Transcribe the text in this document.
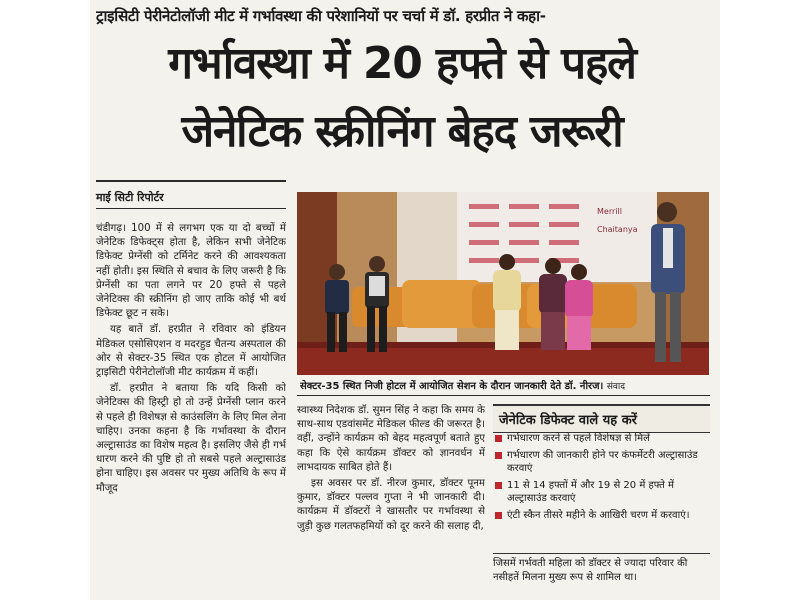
ट्राइसिटी पेरीनेटोलॉजी मीट में गर्भावस्था की परेशानियों पर चर्चा में डॉ. हरप्रीत ने कहा-
गर्भावस्था में 20 हफ्ते से पहले
जेनेटिक स्क्रीनिंग बेहद जरूरी
माई सिटी रिपोर्टर

चंडीगढ़। 100 में से लगभग एक या दो बच्चों में जेनेटिक डिफेक्ट्स होता है, लेकिन सभी जेनेटिक डिफेक्ट प्रेग्नेंसी को टर्मिनेट करने की आवश्यकता नहीं होती। इस स्थिति से बचाव के लिए जरूरी है कि प्रेग्नेंसी का पता लगने पर 20 हफ्ते से पहले जेनेटिक्स की स्क्रीनिंग हो जाए ताकि कोई भी बर्थ डिफेक्ट छूट न सके।

यह बातें डॉ. हरप्रीत ने रविवार को इंडियन मेडिकल एसोसिएशन व मदरहुड चैतन्य अस्पताल की ओर से सेक्टर-35 स्थित एक होटल में आयोजित ट्राइसिटी पेरीनेटोलॉजी मीट कार्यक्रम में कहीं।

डॉ. हरप्रीत ने बताया कि यदि किसी को जेनेटिक्स की हिस्ट्री हो तो उन्हें प्रेग्नेंसी प्लान करने से पहले ही विशेषज्ञ से काउंसलिंग के लिए मिल लेना चाहिए। उनका कहना है कि गर्भावस्था के दौरान अल्ट्रासाउंड का विशेष महत्व है। इसलिए जैसे ही गर्भ धारण करने की पुष्टि हो तो सबसे पहले अल्ट्रासाउंड होना चाहिए। इस अवसर पर मुख्य अतिथि के रूप में मौजूद

Merrill
Chaitanya
सेक्टर-35 स्थित निजी होटल में आयोजित सेशन के दौरान जानकारी देते डॉ. नीरज। संवाद

स्वास्थ्य निदेशक डॉ. सुमन सिंह ने कहा कि समय के साथ-साथ एडवांसमेंट मेडिकल फील्ड की जरूरत है। वहीं, उन्होंने कार्यक्रम को बेहद महत्वपूर्ण बताते हुए कहा कि ऐसे कार्यक्रम डॉक्टर को ज्ञानवर्धन में लाभदायक साबित होते हैं।

इस अवसर पर डॉ. नीरज कुमार, डॉक्टर पूनम कुमार, डॉक्टर पल्लव गुप्ता ने भी जानकारी दी। कार्यक्रम में डॉक्टरों ने खासतौर पर गर्भावस्था से जुड़ी कुछ गलतफहमियों को दूर करने की सलाह दी,

जेनेटिक डिफेक्ट वाले यह करें
गर्भधारण करने से पहले विशेषज्ञ से मिलें
गर्भधारण की जानकारी होने पर कंफर्मेटरी अल्ट्रासाउंड करवाएं
11 से 14 हफ्तों में और 19 से 20 में हफ्ते में अल्ट्रासाउंड करवाएं
एंटी स्कैन तीसरे महीने के आखिरी चरण में करवाएं।
जिसमें गर्भवती महिला को डॉक्टर से ज्यादा परिवार की नसीहतें मिलना मुख्य रूप से शामिल था।
